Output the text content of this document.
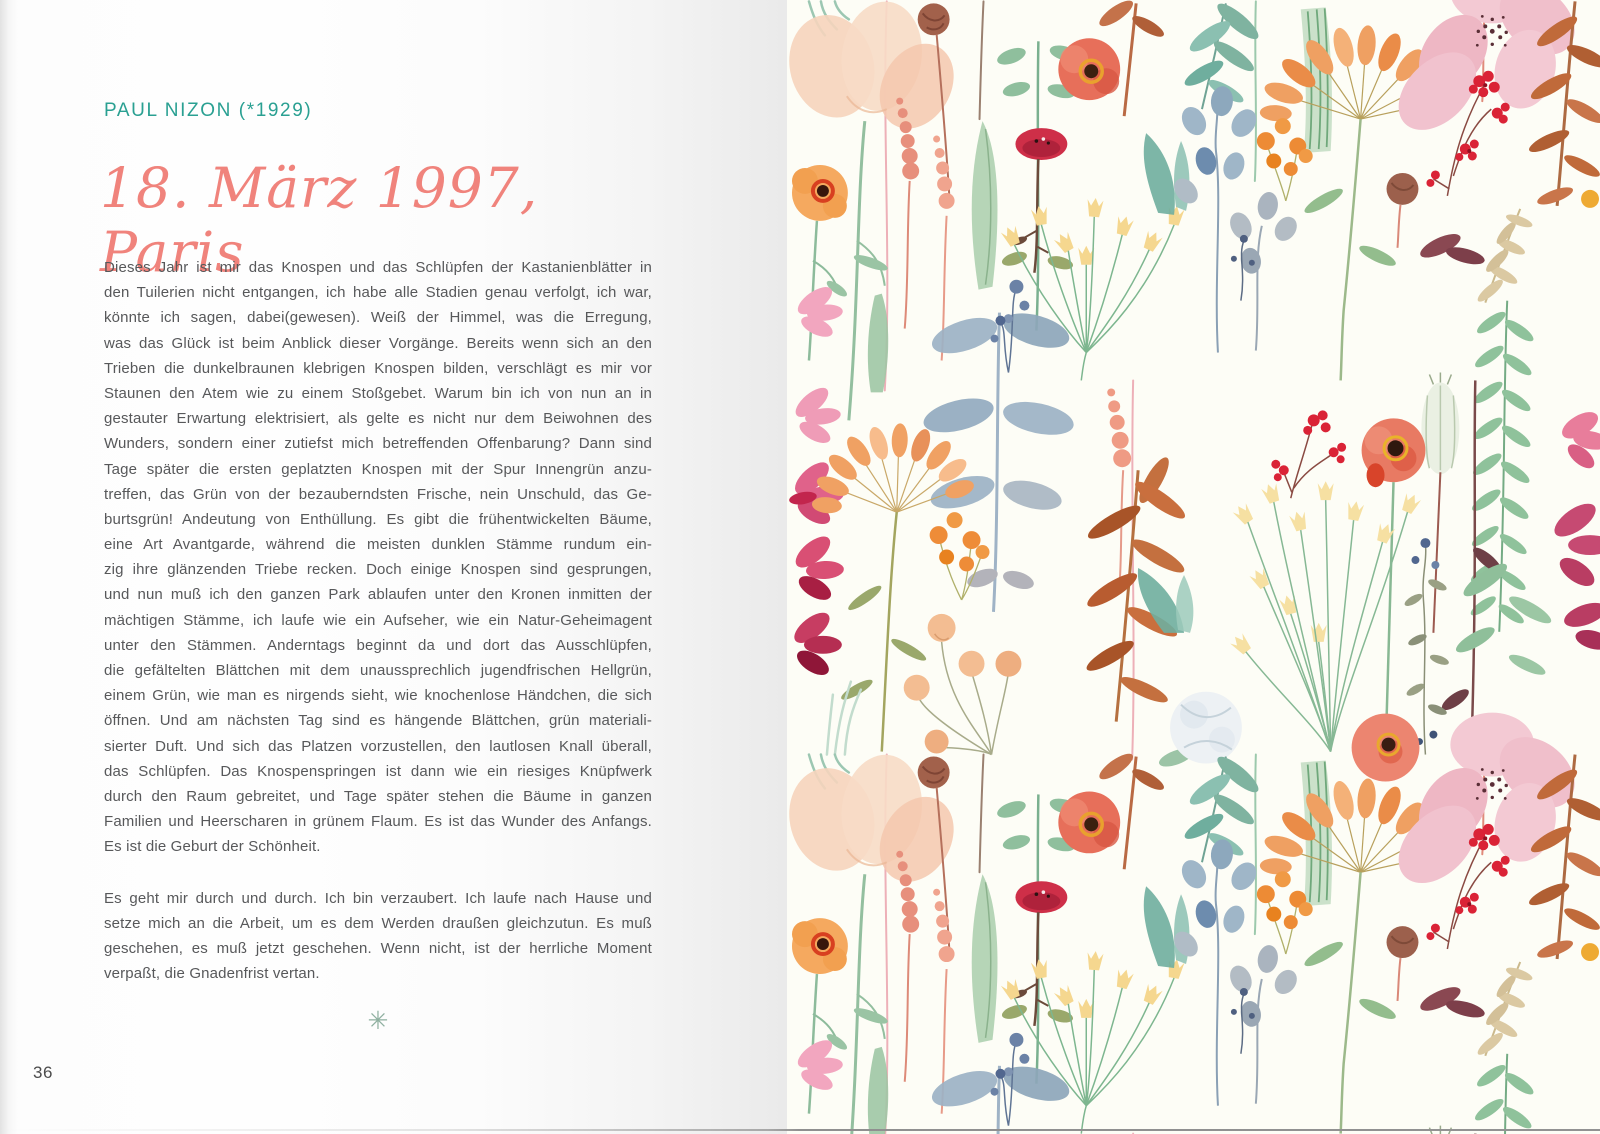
PAUL NIZON (*1929)
18. März 1997, Paris
Dieses Jahr ist mir das Knospen und das Schlüpfen der Kastanienblätter in
den Tuilerien nicht entgangen, ich habe alle Stadien genau verfolgt, ich war,
könnte ich sagen, dabei(gewesen). Weiß der Himmel, was die Erregung,
was das Glück ist beim Anblick dieser Vorgänge. Bereits wenn sich an den
Trieben die dunkelbraunen klebrigen Knospen bilden, verschlägt es mir vor
Staunen den Atem wie zu einem Stoßgebet. Warum bin ich von nun an in
gestauter Erwartung elektrisiert, als gelte es nicht nur dem Beiwohnen des
Wunders, sondern einer zutiefst mich betreffenden Offenbarung? Dann sind
Tage später die ersten geplatzten Knospen mit der Spur Innengrün anzu-
treffen, das Grün von der bezauberndsten Frische, nein Unschuld, das Ge-
burtsgrün! Andeutung von Enthüllung. Es gibt die frühentwickelten Bäume,
eine Art Avantgarde, während die meisten dunklen Stämme rundum ein-
zig ihre glänzenden Triebe recken. Doch einige Knospen sind gesprungen,
und nun muß ich den ganzen Park ablaufen unter den Kronen inmitten der
mächtigen Stämme, ich laufe wie ein Aufseher, wie ein Natur-Geheimagent
unter den Stämmen. Anderntags beginnt da und dort das Ausschlüpfen,
die gefältelten Blättchen mit dem unaussprechlich jugendfrischen Hellgrün,
einem Grün, wie man es nirgends sieht, wie knochenlose Händchen, die sich
öffnen. Und am nächsten Tag sind es hängende Blättchen, grün materiali-
sierter Duft. Und sich das Platzen vorzustellen, den lautlosen Knall überall,
das Schlüpfen. Das Knospenspringen ist dann wie ein riesiges Knüpfwerk
durch den Raum gebreitet, und Tage später stehen die Bäume in ganzen
Familien und Heerscharen in grünem Flaum. Es ist das Wunder des Anfangs.
Es ist die Geburt der Schönheit.
Es geht mir durch und durch. Ich bin verzaubert. Ich laufe nach Hause und
setze mich an die Arbeit, um es dem Werden draußen gleichzutun. Es muß
geschehen, es muß jetzt geschehen. Wenn nicht, ist der herrliche Moment
verpaßt, die Gnadenfrist vertan.
✳
36
